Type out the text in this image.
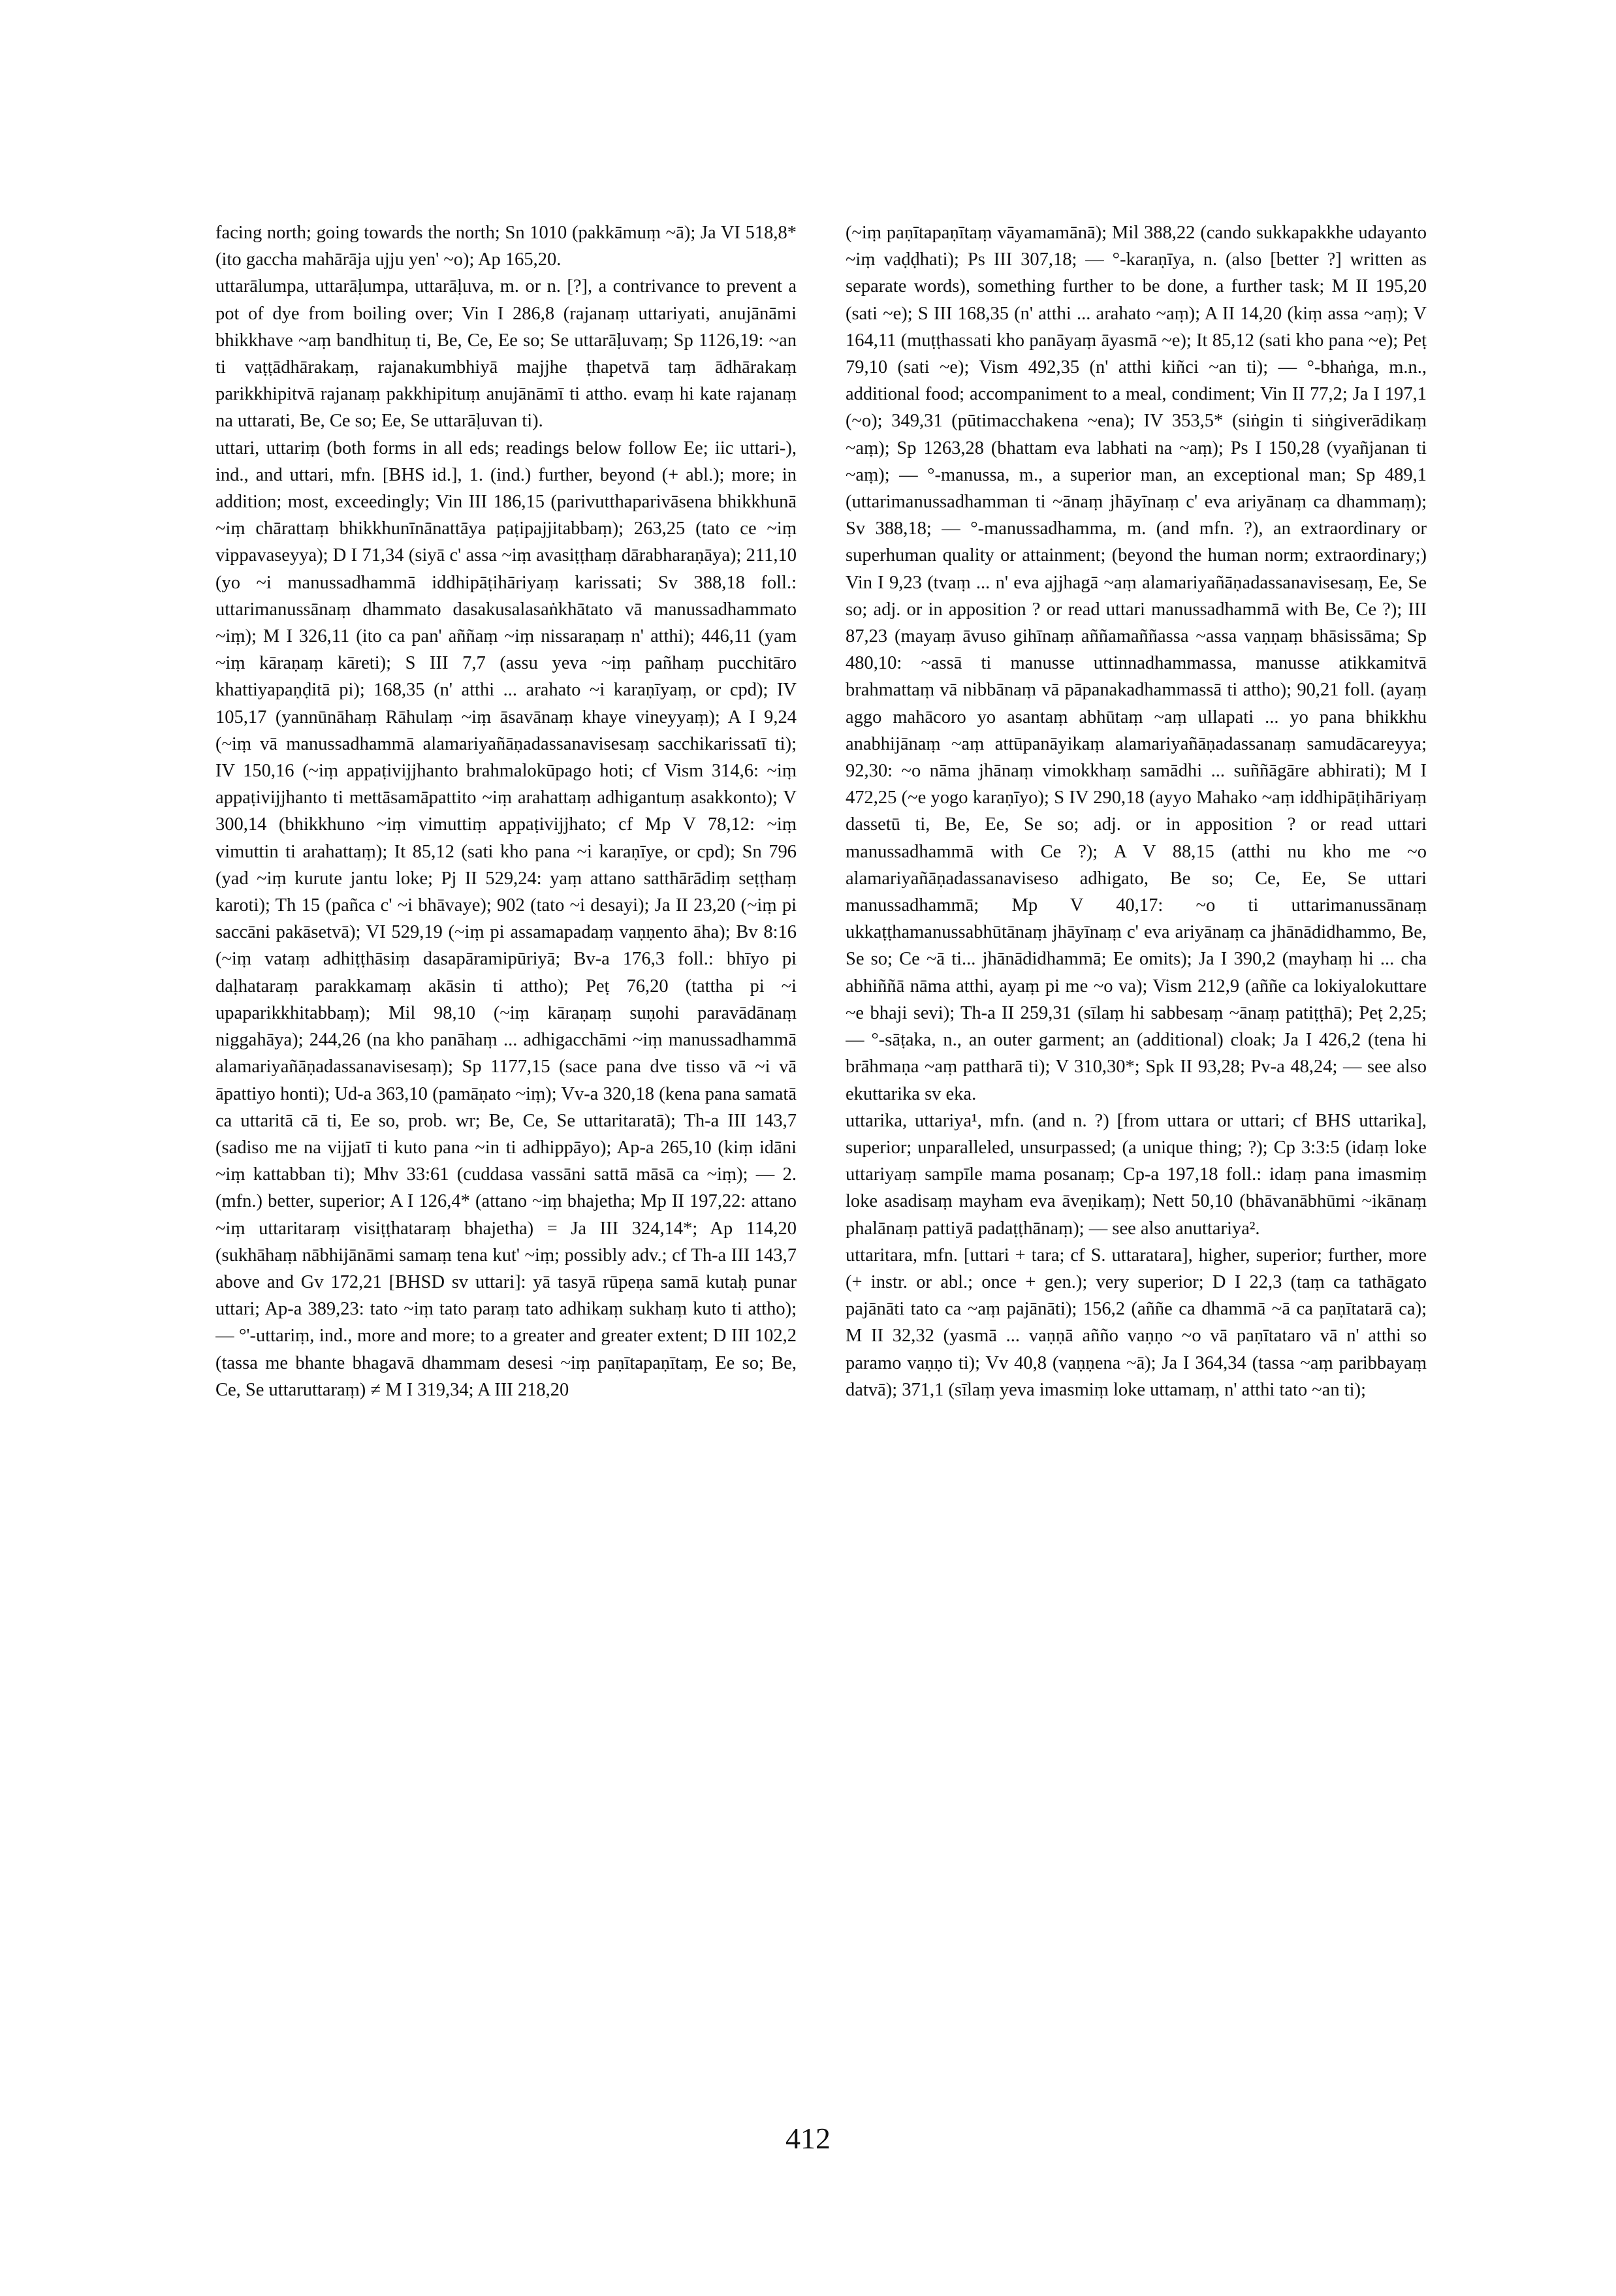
facing north; going towards the north; Sn 1010 (pakkāmuṃ ~ā); Ja VI 518,8* (ito gaccha mahārāja ujju yen' ~o); Ap 165,20.

uttarālumpa, uttarāḷumpa, uttarāḷuva, m. or n. [?], a contrivance to prevent a pot of dye from boiling over; Vin I 286,8 (rajanaṃ uttariyati, anujānāmi bhikkhave ~aṃ bandhituṇ ti, Be, Ce, Ee so; Se uttarāḷuvaṃ; Sp 1126,19: ~an ti vaṭṭādhārakaṃ, rajanakumbhiyā majjhe ṭhapetvā taṃ ādhārakaṃ parikkhipitvā rajanaṃ pakkhipituṃ anujānāmī ti attho. evaṃ hi kate rajanaṃ na uttarati, Be, Ce so; Ee, Se uttarāḷuvan ti).

uttari, uttariṃ (both forms in all eds; readings below follow Ee; iic uttari-), ind., and uttari, mfn. [BHS id.], 1. (ind.) further, beyond (+ abl.); more; in addition; most, exceedingly; Vin III 186,15 (parivutthaparivāsena bhikkhunā ~iṃ chārattaṃ bhikkhunīnānattāya paṭipajjitabbaṃ); 263,25 (tato ce ~iṃ vippavaseyya); D I 71,34 (siyā c' assa ~iṃ avasiṭṭhaṃ dārabharaṇāya); 211,10 (yo ~i manussadhammā iddhipāṭihāriyaṃ karissati; Sv 388,18 foll.: uttarimanussānaṃ dhammato dasakusalasaṅkhātato vā manussadhammato ~iṃ); M I 326,11 (ito ca pan' aññaṃ ~iṃ nissaraṇaṃ n' atthi); 446,11 (yam ~iṃ kāraṇaṃ kāreti); S III 7,7 (assu yeva ~iṃ pañhaṃ pucchitāro khattiyapaṇḍitā pi); 168,35 (n' atthi ... arahato ~i karaṇīyaṃ, or cpd); IV 105,17 (yannūnāhaṃ Rāhulaṃ ~iṃ āsavānaṃ khaye vineyyaṃ); A I 9,24 (~iṃ vā manussadhammā alamariyañāṇadassanavisesaṃ sacchikarissatī ti); IV 150,16 (~iṃ appaṭivijjhanto brahmalokūpago hoti; cf Vism 314,6: ~iṃ appaṭivijjhanto ti mettāsamāpattito ~iṃ arahattaṃ adhigantuṃ asakkonto); V 300,14 (bhikkhuno ~iṃ vimuttiṃ appaṭivijjhato; cf Mp V 78,12: ~iṃ vimuttin ti arahattaṃ); It 85,12 (sati kho pana ~i karaṇīye, or cpd); Sn 796 (yad ~iṃ kurute jantu loke; Pj II 529,24: yaṃ attano satthārādiṃ seṭṭhaṃ karoti); Th 15 (pañca c' ~i bhāvaye); 902 (tato ~i desayi); Ja II 23,20 (~iṃ pi saccāni pakāsetvā); VI 529,19 (~iṃ pi assamapadaṃ vaṇṇento āha); Bv 8:16 (~iṃ vataṃ adhiṭṭhāsiṃ dasapāramipūriyā; Bv-a 176,3 foll.: bhīyo pi daḷhataraṃ parakkamaṃ akāsin ti attho); Peṭ 76,20 (tattha pi ~i upaparikkhitabbaṃ); Mil 98,10 (~iṃ kāraṇaṃ suṇohi paravādānaṃ niggahāya); 244,26 (na kho panāhaṃ ... adhigacchāmi ~iṃ manussadhammā alamariyañāṇadassanavisesaṃ); Sp 1177,15 (sace pana dve tisso vā ~i vā āpattiyo honti); Ud-a 363,10 (pamāṇato ~iṃ); Vv-a 320,18 (kena pana samatā ca uttaritā cā ti, Ee so, prob. wr; Be, Ce, Se uttaritaratā); Th-a III 143,7 (sadiso me na vijjatī ti kuto pana ~in ti adhippāyo); Ap-a 265,10 (kiṃ idāni ~iṃ kattabban ti); Mhv 33:61 (cuddasa vassāni sattā māsā ca ~iṃ); — 2. (mfn.) better, superior; A I 126,4* (attano ~iṃ bhajetha; Mp II 197,22: attano ~iṃ uttaritaraṃ visiṭṭhataraṃ bhajetha) = Ja III 324,14*; Ap 114,20 (sukhāhaṃ nābhijānāmi samaṃ tena kut' ~iṃ; possibly adv.; cf Th-a III 143,7 above and Gv 172,21 [BHSD sv uttari]: yā tasyā rūpeṇa samā kutaḥ punar uttari; Ap-a 389,23: tato ~iṃ tato paraṃ tato adhikaṃ sukhaṃ kuto ti attho); — °'-uttariṃ, ind., more and more; to a greater and greater extent; D III 102,2 (tassa me bhante bhagavā dhammam desesi ~iṃ paṇītapaṇītaṃ, Ee so; Be, Ce, Se uttaruttaraṃ) ≠ M I 319,34; A III 218,20

(~iṃ paṇītapaṇītaṃ vāyamamānā); Mil 388,22 (cando sukkapakkhe udayanto ~iṃ vaḍḍhati); Ps III 307,18; — °-karaṇīya, n. (also [better ?] written as separate words), something further to be done, a further task; M II 195,20 (sati ~e); S III 168,35 (n' atthi ... arahato ~aṃ); A II 14,20 (kiṃ assa ~aṃ); V 164,11 (muṭṭhassati kho panāyaṃ āyasmā ~e); It 85,12 (sati kho pana ~e); Peṭ 79,10 (sati ~e); Vism 492,35 (n' atthi kiñci ~an ti); — °-bhaṅga, m.n., additional food; accompaniment to a meal, condiment; Vin II 77,2; Ja I 197,1 (~o); 349,31 (pūtimacchakena ~ena); IV 353,5* (siṅgin ti siṅgiverādikaṃ ~aṃ); Sp 1263,28 (bhattam eva labhati na ~aṃ); Ps I 150,28 (vyañjanan ti ~aṃ); — °-manussa, m., a superior man, an exceptional man; Sp 489,1 (uttarimanussadhamman ti ~ānaṃ jhāyīnaṃ c' eva ariyānaṃ ca dhammaṃ); Sv 388,18; — °-manussadhamma, m. (and mfn. ?), an extraordinary or superhuman quality or attainment; (beyond the human norm; extraordinary;) Vin I 9,23 (tvaṃ ... n' eva ajjhagā ~aṃ alamariyañāṇadassanavisesaṃ, Ee, Se so; adj. or in apposition ? or read uttari manussadhammā with Be, Ce ?); III 87,23 (mayaṃ āvuso gihīnaṃ aññamaññassa ~assa vaṇṇaṃ bhāsissāma; Sp 480,10: ~assā ti manusse uttinnadhammassa, manusse atikkamitvā brahmattaṃ vā nibbānaṃ vā pāpanakadhammassā ti attho); 90,21 foll. (ayaṃ aggo mahācoro yo asantaṃ abhūtaṃ ~aṃ ullapati ... yo pana bhikkhu anabhijānaṃ ~aṃ attūpanāyikaṃ alamariyañāṇadassanaṃ samudācareyya; 92,30: ~o nāma jhānaṃ vimokkhaṃ samādhi ... suññāgāre abhirati); M I 472,25 (~e yogo karaṇīyo); S IV 290,18 (ayyo Mahako ~aṃ iddhipāṭihāriyaṃ dassetū ti, Be, Ee, Se so; adj. or in apposition ? or read uttari manussadhammā with Ce ?); A V 88,15 (atthi nu kho me ~o alamariyañāṇadassanaviseso adhigato, Be so; Ce, Ee, Se uttari manussadhammā; Mp V 40,17: ~o ti uttarimanussānaṃ ukkaṭṭhamanussabhūtānaṃ jhāyīnaṃ c' eva ariyānaṃ ca jhānādidhammo, Be, Se so; Ce ~ā ti... jhānādidhammā; Ee omits); Ja I 390,2 (mayhaṃ hi ... cha abhiññā nāma atthi, ayaṃ pi me ~o va); Vism 212,9 (aññe ca lokiyalokuttare ~e bhaji sevi); Th-a II 259,31 (sīlaṃ hi sabbesaṃ ~ānaṃ patiṭṭhā); Peṭ 2,25; — °-sāṭaka, n., an outer garment; an (additional) cloak; Ja I 426,2 (tena hi brāhmaṇa ~aṃ pattharā ti); V 310,30*; Spk II 93,28; Pv-a 48,24; — see also ekuttarika sv eka.

uttarika, uttariya¹, mfn. (and n. ?) [from uttara or uttari; cf BHS uttarika], superior; unparalleled, unsurpassed; (a unique thing; ?); Cp 3:3:5 (idaṃ loke uttariyaṃ sampīle mama posanaṃ; Cp-a 197,18 foll.: idaṃ pana imasmiṃ loke asadisaṃ mayham eva āveṇikaṃ); Nett 50,10 (bhāvanābhūmi ~ikānaṃ phalānaṃ pattiyā padaṭṭhānaṃ); — see also anuttariya².

uttaritara, mfn. [uttari + tara; cf S. uttaratara], higher, superior; further, more (+ instr. or abl.; once + gen.); very superior; D I 22,3 (taṃ ca tathāgato pajānāti tato ca ~aṃ pajānāti); 156,2 (aññe ca dhammā ~ā ca paṇītatarā ca); M II 32,32 (yasmā ... vaṇṇā añño vaṇṇo ~o vā paṇītataro vā n' atthi so paramo vaṇṇo ti); Vv 40,8 (vaṇṇena ~ā); Ja I 364,34 (tassa ~aṃ paribbayaṃ datvā); 371,1 (sīlaṃ yeva imasmiṃ loke uttamaṃ, n' atthi tato ~an ti);

412
